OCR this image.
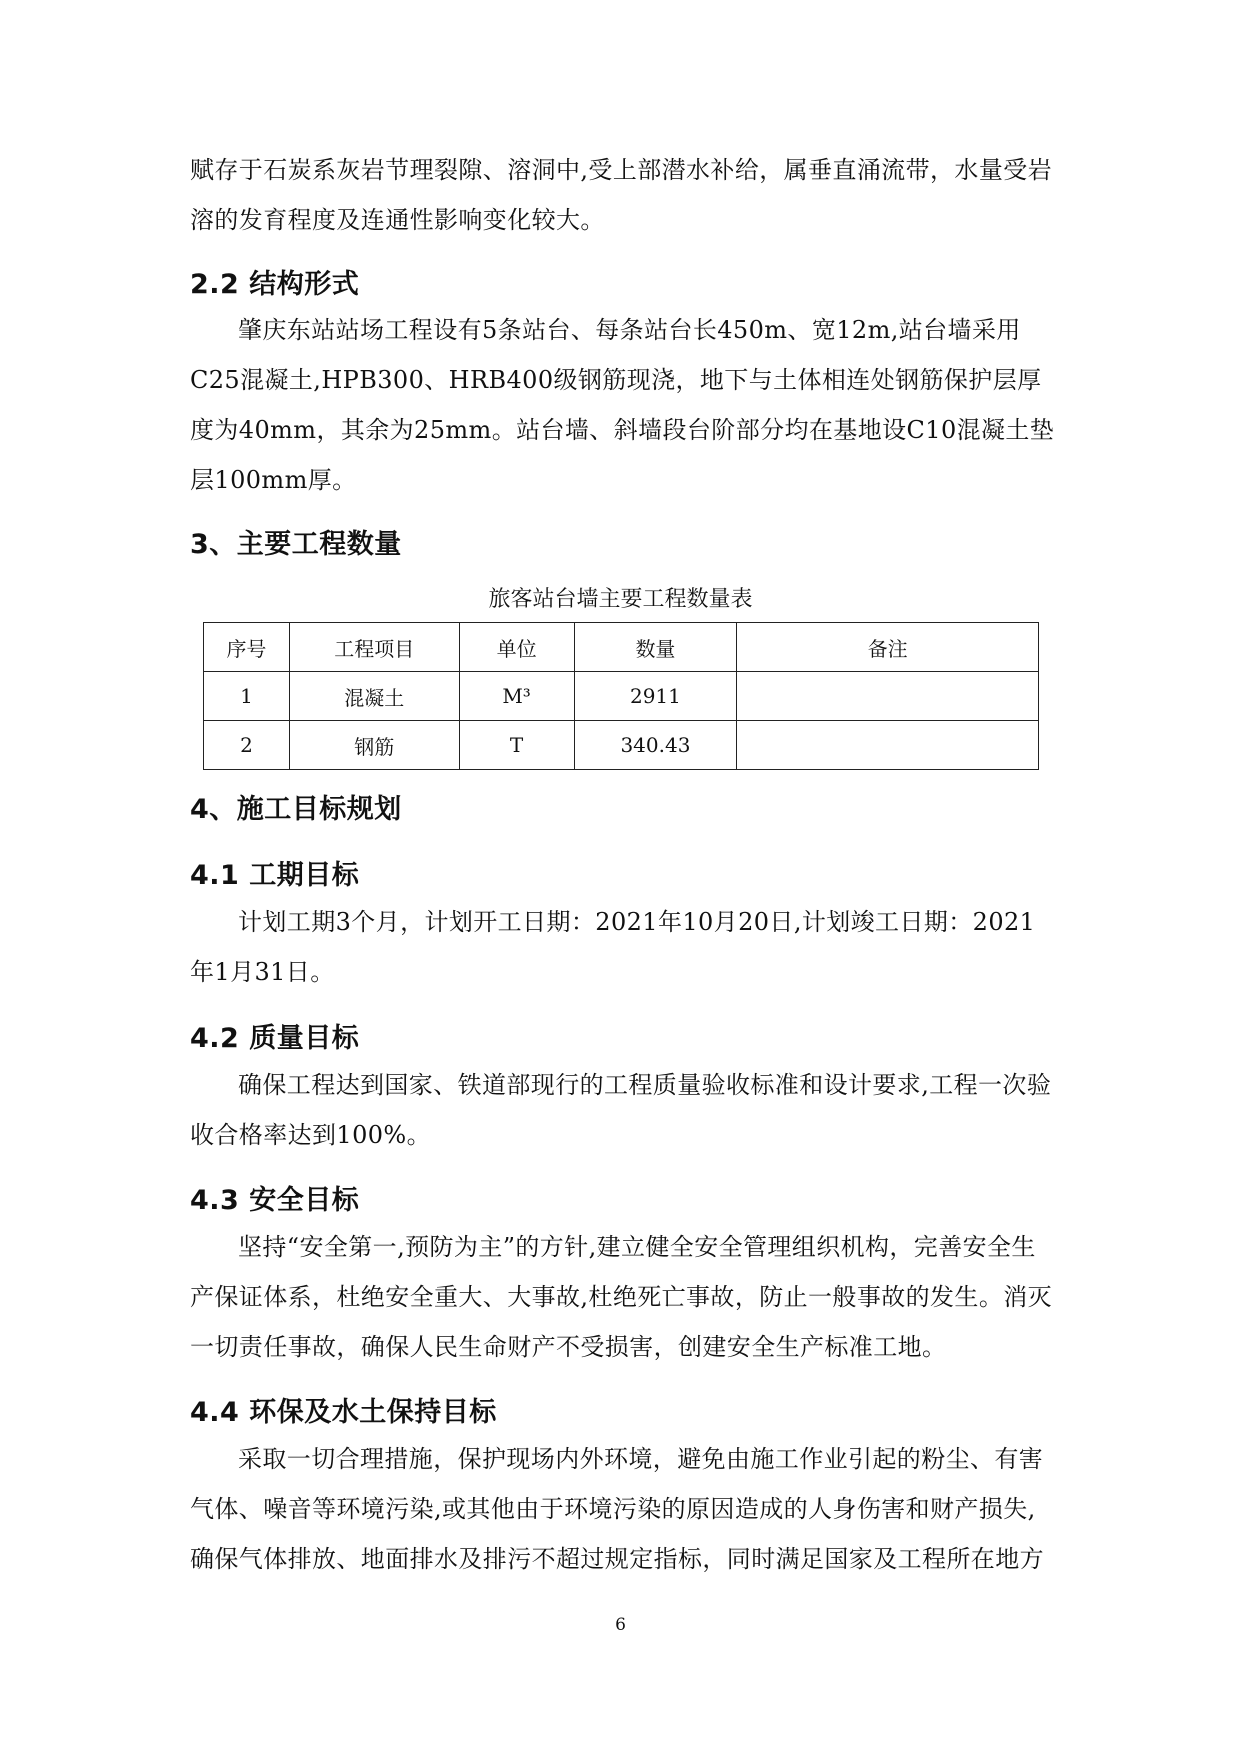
赋存于石炭系灰岩节理裂隙、溶洞中,受上部潜水补给，属垂直涌流带，水量受岩溶的发育程度及连通性影响变化较大。

2.2 结构形式

肇庆东站站场工程设有5条站台、每条站台长450m、宽12m,站台墙采用C25混凝土,HPB300、HRB400级钢筋现浇，地下与土体相连处钢筋保护层厚度为40mm，其余为25mm。站台墙、斜墙段台阶部分均在基地设C10混凝土垫层100mm厚。

3、主要工程数量
旅客站台墙主要工程数量表
序号	工程项目	单位	数量	备注
1	混凝土	M³	2911	
2	钢筋	T	340.43	
4、施工目标规划
4.1 工期目标

计划工期3个月，计划开工日期：2021年10月20日,计划竣工日期：2021年1月31日。

4.2 质量目标

确保工程达到国家、铁道部现行的工程质量验收标准和设计要求,工程一次验收合格率达到100%。

4.3 安全目标

坚持“安全第一,预防为主”的方针,建立健全安全管理组织机构，完善安全生产保证体系，杜绝安全重大、大事故,杜绝死亡事故，防止一般事故的发生。消灭一切责任事故，确保人民生命财产不受损害，创建安全生产标准工地。

4.4 环保及水土保持目标

采取一切合理措施，保护现场内外环境，避免由施工作业引起的粉尘、有害气体、噪音等环境污染,或其他由于环境污染的原因造成的人身伤害和财产损失,确保气体排放、地面排水及排污不超过规定指标，同时满足国家及工程所在地方

6
